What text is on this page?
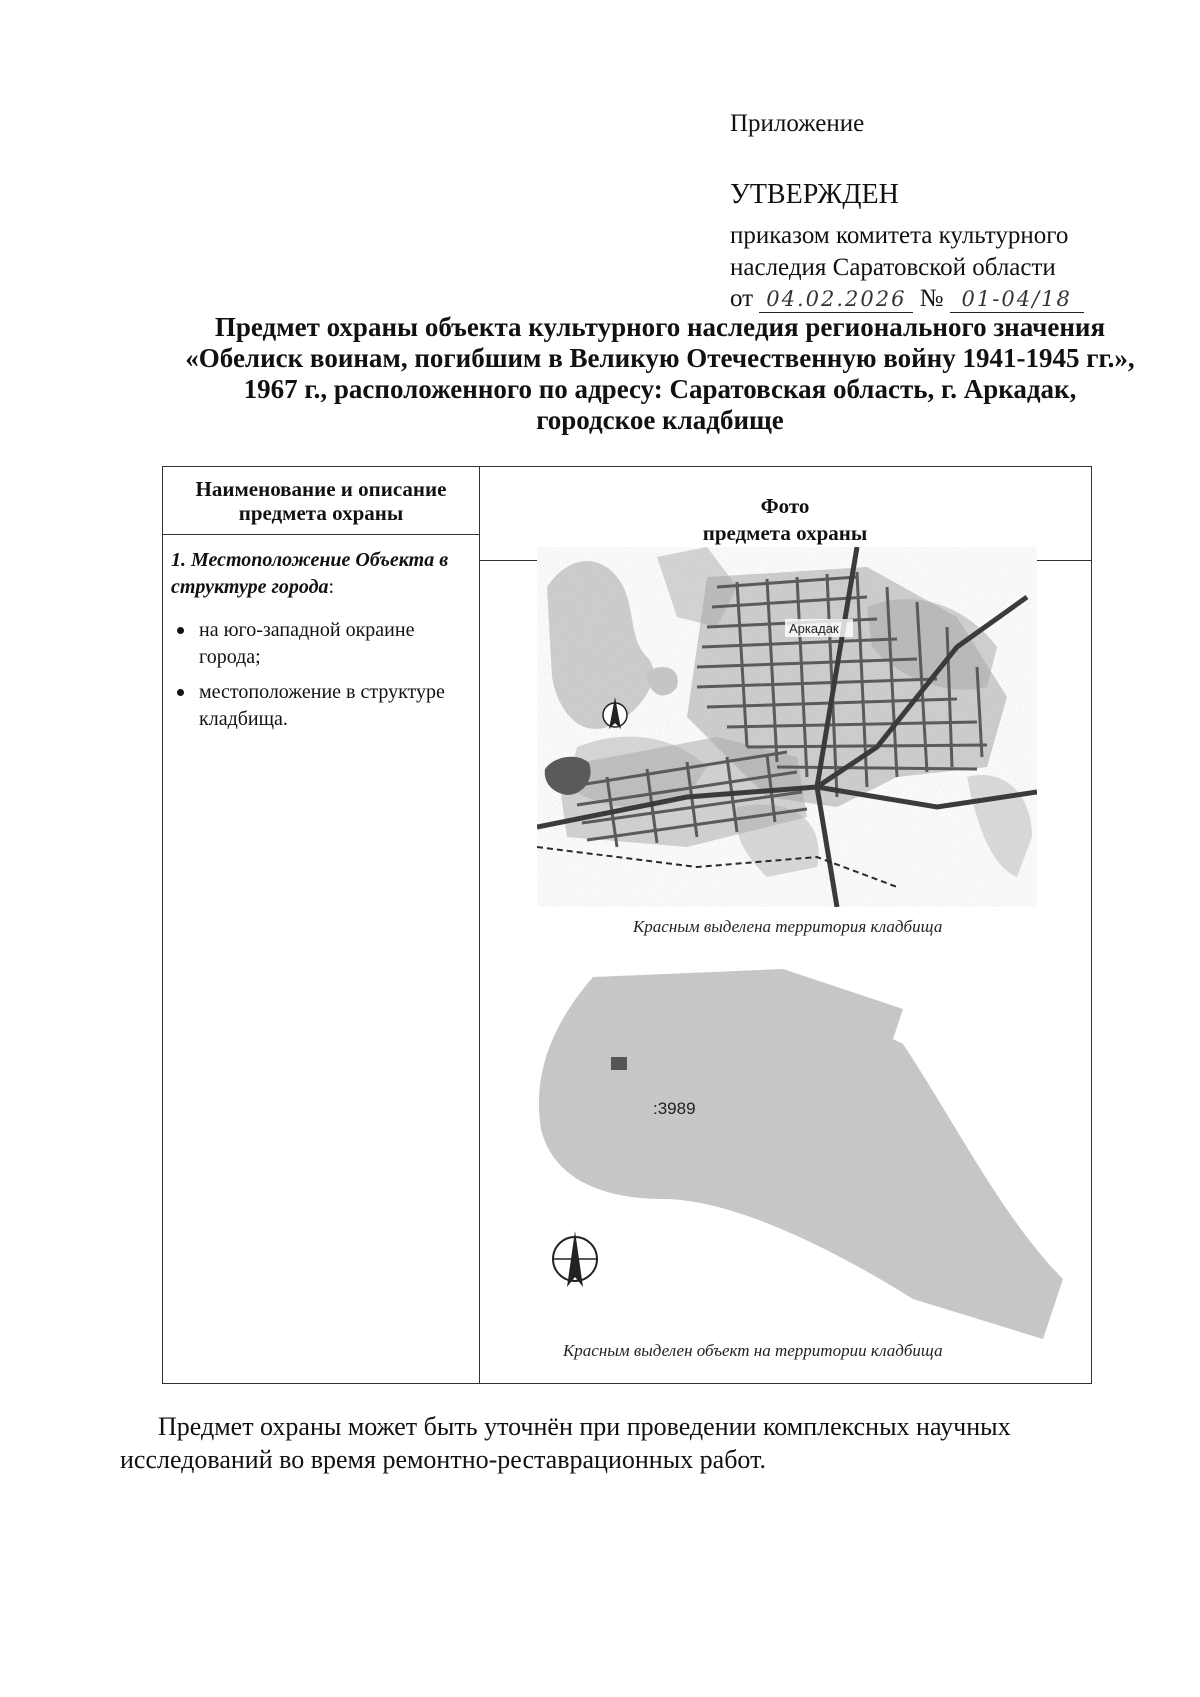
Приложение
УТВЕРЖДЕН
приказом комитета культурного
наследия Саратовской области
от 04.02.2026 № 01-04/18
Предмет охраны объекта культурного наследия регионального значения «Обелиск воинам, погибшим в Великую Отечественную войну 1941-1945 гг.», 1967 г., расположенного по адресу: Саратовская область, г. Аркадак, городское кладбище
Наименование и описание предмета охраны	Фото
предмета охраны
1. Местоположение Объекта в структуре города:
на юго-западной окраине города;
местоположение в структуре кладбища.
Аркадак
Красным выделена территория кладбища
:3989
Красным выделен объект на территории кладбища
Предмет охраны может быть уточнён при проведении комплексных научных исследований во время ремонтно-реставрационных работ.
